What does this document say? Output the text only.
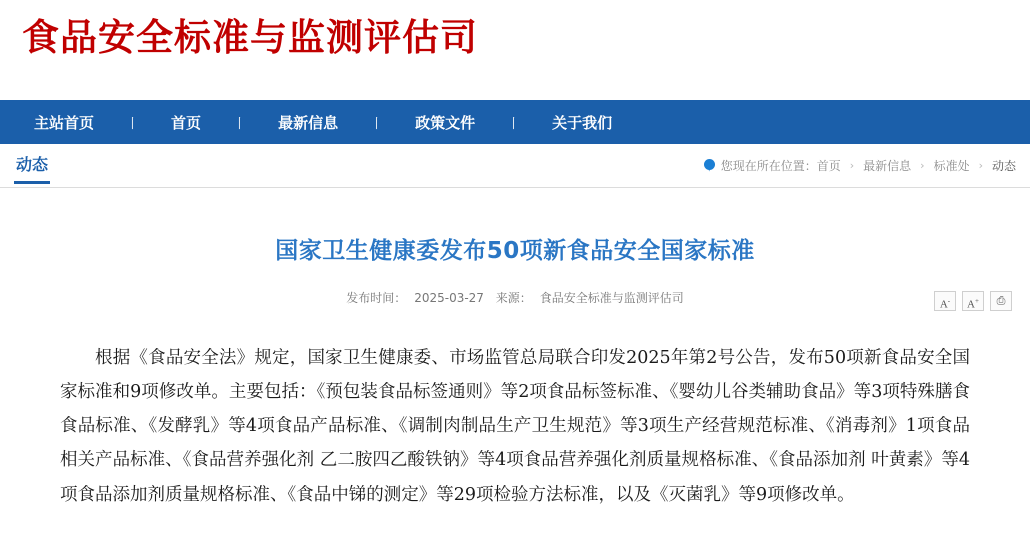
食品安全标准与监测评估司
主站首页	丨	首页	丨	最新信息	丨	政策文件	丨	关于我们
动态	您现在所在位置： 首页 › 最新信息 › 标准处 › 动态
国家卫生健康委发布50项新食品安全国家标准
发布时间： 2025-03-27 来源： 食品安全标准与监测评估司	A-	A+	⎙

根据《食品安全法》规定，国家卫生健康委、市场监管总局联合印发2025年第2号公告，发布50项新食品安全国家标准和9项修改单。主要包括：《预包装食品标签通则》等2项食品标签标准、《婴幼儿谷类辅助食品》等3项特殊膳食食品标准、《发酵乳》等4项食品产品标准、《调制肉制品生产卫生规范》等3项生产经营规范标准、《消毒剂》1项食品相关产品标准、《食品营养强化剂 乙二胺四乙酸铁钠》等4项食品营养强化剂质量规格标准、《食品添加剂 叶黄素》等4项食品添加剂质量规格标准、《食品中锑的测定》等29项检验方法标准，以及《灭菌乳》等9项修改单。
